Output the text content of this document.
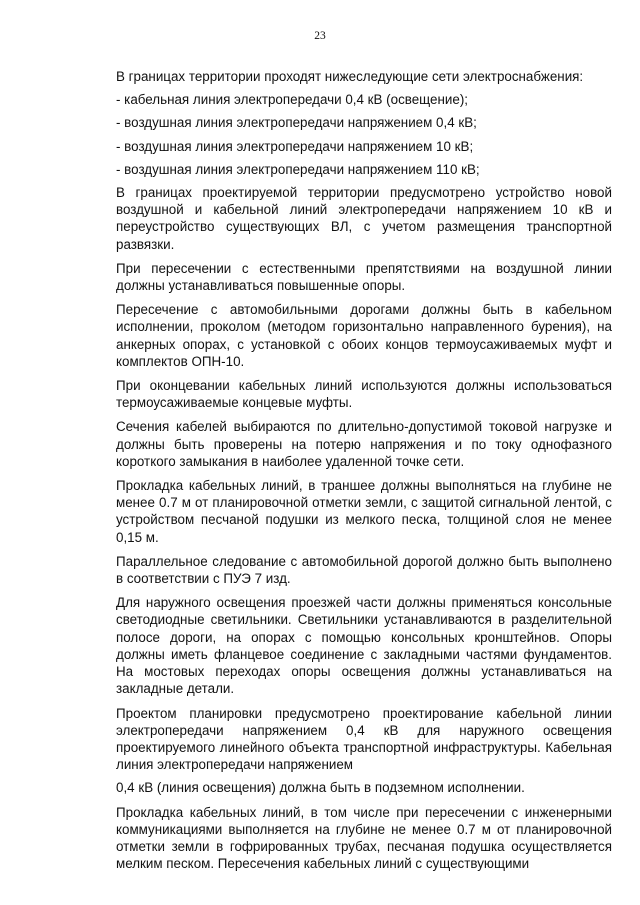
23

В границах территории проходят нижеследующие сети электроснабжения:

- кабельная линия электропередачи 0,4 кВ (освещение);

- воздушная линия электропередачи напряжением 0,4 кВ;

- воздушная линия электропередачи напряжением 10 кВ;

- воздушная линия электропередачи напряжением 110 кВ;

В границах проектируемой территории предусмотрено устройство новой воздушной и кабельной линий электропередачи напряжением 10 кВ и переустройство существующих ВЛ, с учетом размещения транспортной развязки.

При пересечении с естественными препятствиями на воздушной линии должны устанавливаться повышенные опоры.

Пересечение с автомобильными дорогами должны быть в кабельном исполнении, проколом (методом горизонтально направленного бурения), на анкерных опорах, с установкой с обоих концов термоусаживаемых муфт и комплектов ОПН-10.

При оконцевании кабельных линий используются должны использоваться термоусаживаемые концевые муфты.

Сечения кабелей выбираются по длительно-допустимой токовой нагрузке и должны быть проверены на потерю напряжения и по току однофазного короткого замыкания в наиболее удаленной точке сети.

Прокладка кабельных линий, в траншее должны выполняться на глубине не менее 0.7 м от планировочной отметки земли, с защитой сигнальной лентой, с устройством песчаной подушки из мелкого песка, толщиной слоя не менее 0,15 м.

Параллельное следование с автомобильной дорогой должно быть выполнено в соответствии с ПУЭ 7 изд.

Для наружного освещения проезжей части должны применяться консольные светодиодные светильники. Светильники устанавливаются в разделительной полосе дороги, на опорах с помощью консольных кронштейнов. Опоры должны иметь фланцевое соединение с закладными частями фундаментов. На мостовых переходах опоры освещения должны устанавливаться на закладные детали.

Проектом планировки предусмотрено проектирование кабельной линии электропередачи напряжением 0,4 кВ для наружного освещения проектируемого линейного объекта транспортной инфраструктуры. Кабельная линия электропередачи напряжением

0,4 кВ (линия освещения) должна быть в подземном исполнении.

Прокладка кабельных линий, в том числе при пересечении с инженерными коммуникациями выполняется на глубине не менее 0.7 м от планировочной отметки земли в гофрированных трубах, песчаная подушка осуществляется мелким песком. Пересечения кабельных линий с существующими
